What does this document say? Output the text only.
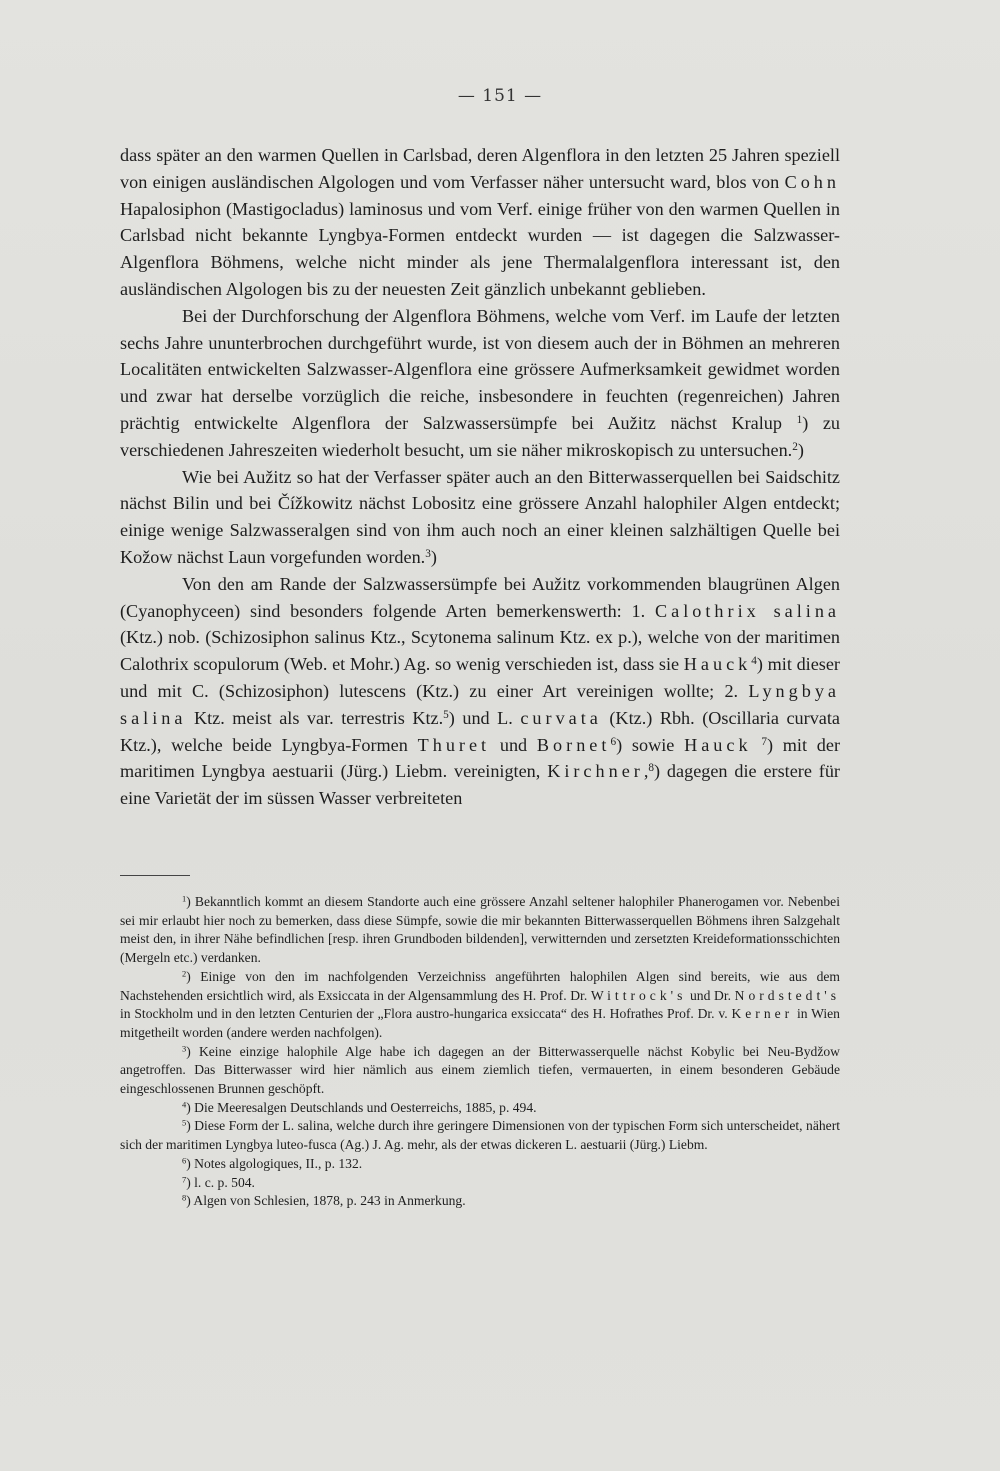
— 151 —

dass später an den warmen Quellen in Carlsbad, deren Algenflora in den letzten 25 Jahren speziell von einigen ausländischen Algologen und vom Verfasser näher untersucht ward, blos von Cohn Hapalosiphon (Mastigocladus) laminosus und vom Verf. einige früher von den warmen Quellen in Carlsbad nicht bekannte Lyngbya-Formen entdeckt wurden — ist dagegen die Salzwasser-Algenflora Böhmens, welche nicht minder als jene Thermalalgenflora interessant ist, den ausländischen Algologen bis zu der neuesten Zeit gänzlich unbekannt geblieben.

Bei der Durchforschung der Algenflora Böhmens, welche vom Verf. im Laufe der letzten sechs Jahre ununterbrochen durchgeführt wurde, ist von diesem auch der in Böhmen an mehreren Localitäten entwickelten Salzwasser-Algenflora eine grössere Aufmerksamkeit gewidmet worden und zwar hat derselbe vorzüglich die reiche, insbesondere in feuchten (regenreichen) Jahren prächtig entwickelte Algenflora der Salzwassersümpfe bei Aužitz nächst Kralup $^1$) zu verschiedenen Jahreszeiten wiederholt besucht, um sie näher mikroskopisch zu untersuchen.$^2$)

Wie bei Aužitz so hat der Verfasser später auch an den Bitterwasserquellen bei Saidschitz nächst Bilin und bei Čížkowitz nächst Lobositz eine grössere Anzahl halophiler Algen entdeckt; einige wenige Salzwasseralgen sind von ihm auch noch an einer kleinen salzhältigen Quelle bei Kožow nächst Laun vorgefunden worden.$^3$)

Von den am Rande der Salzwassersümpfe bei Aužitz vorkommenden blaugrünen Algen (Cyanophyceen) sind besonders folgende Arten bemerkenswerth: 1. Calothrix salina (Ktz.) nob. (Schizosiphon salinus Ktz., Scytonema salinum Ktz. ex p.), welche von der maritimen Calothrix scopulorum (Web. et Mohr.) Ag. so wenig verschieden ist, dass sie Hauck$^4$) mit dieser und mit C. (Schizosiphon) lutescens (Ktz.) zu einer Art vereinigen wollte; 2. Lyngbya salina Ktz. meist als var. terrestris Ktz.$^5$) und L. curvata (Ktz.) Rbh. (Oscillaria curvata Ktz.), welche beide Lyngbya-Formen Thuret und Bornet$^6$) sowie Hauck $^7$) mit der maritimen Lyngbya aestuarii (Jürg.) Liebm. vereinigten, Kirchner,$^8$) dagegen die erstere für eine Varietät der im süssen Wasser verbreiteten

$^1$) Bekanntlich kommt an diesem Standorte auch eine grössere Anzahl seltener halophiler Phanerogamen vor. Nebenbei sei mir erlaubt hier noch zu bemerken, dass diese Sümpfe, sowie die mir bekannten Bitterwasserquellen Böhmens ihren Salzgehalt meist den, in ihrer Nähe befindlichen [resp. ihren Grundboden bildenden], verwitternden und zersetzten Kreideformationsschichten (Mergeln etc.) verdanken.

$^2$) Einige von den im nachfolgenden Verzeichniss angeführten halophilen Algen sind bereits, wie aus dem Nachstehenden ersichtlich wird, als Exsiccata in der Algensammlung des H. Prof. Dr. Wittrock's und Dr. Nordstedt's in Stockholm und in den letzten Centurien der „Flora austro-hungarica exsiccata“ des H. Hofrathes Prof. Dr. v. Kerner in Wien mitgetheilt worden (andere werden nachfolgen).

$^3$) Keine einzige halophile Alge habe ich dagegen an der Bitterwasserquelle nächst Kobylic bei Neu-Bydžow angetroffen. Das Bitterwasser wird hier nämlich aus einem ziemlich tiefen, vermauerten, in einem besonderen Gebäude eingeschlossenen Brunnen geschöpft.

$^4$) Die Meeresalgen Deutschlands und Oesterreichs, 1885, p. 494.

$^5$) Diese Form der L. salina, welche durch ihre geringere Dimensionen von der typischen Form sich unterscheidet, nähert sich der maritimen Lyngbya luteo-fusca (Ag.) J. Ag. mehr, als der etwas dickeren L. aestuarii (Jürg.) Liebm.

$^6$) Notes algologiques, II., p. 132.

$^7$) l. c. p. 504.

$^8$) Algen von Schlesien, 1878, p. 243 in Anmerkung.
